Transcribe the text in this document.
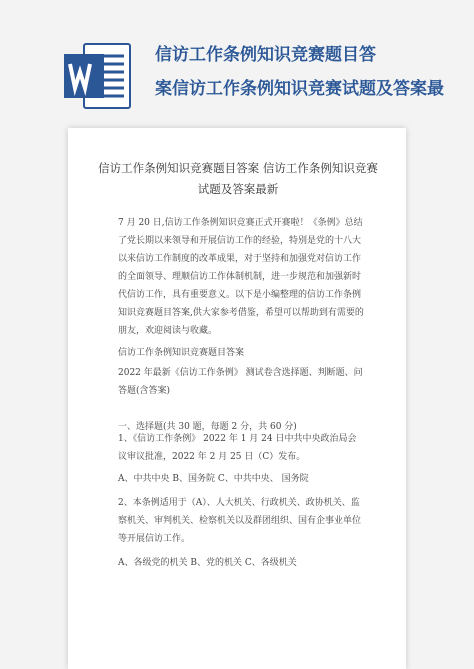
信访工作条例知识竞赛题目答
案信访工作条例知识竞赛试题及答案最
信访工作条例知识竞赛题目答案 信访工作条例知识竞赛试题及答案最新

7 月 20 日,信访工作条例知识竞赛正式开赛啦！《条例》总结了党长期以来领导和开展信访工作的经验，特别是党的十八大以来信访工作制度的改革成果，对于坚持和加强党对信访工作的全面领导、理顺信访工作体制机制，进一步规范和加强新时代信访工作，具有重要意义。以下是小编整理的信访工作条例知识竞赛题目答案,供大家参考借鉴，希望可以帮助到有需要的朋友，欢迎阅读与收藏。

信访工作条例知识竞赛题目答案

2022 年最新《信访工作条例》 测试卷含选择题、判断题、问答题(含答案)

一、选择题(共 30 题，每题 2 分，共 60 分)

1、《信访工作条例》 2022 年 1 月 24 日中共中央政治局会议审议批准，2022 年 2 月 25 日（C）发布。

A、中共中央 B、国务院 C、中共中央、 国务院

2、本条例适用于（A）、人大机关、行政机关、政协机关、监察机关、审判机关、检察机关以及群团组织、国有企事业单位等开展信访工作。

A、各级党的机关 B、党的机关 C、各级机关
